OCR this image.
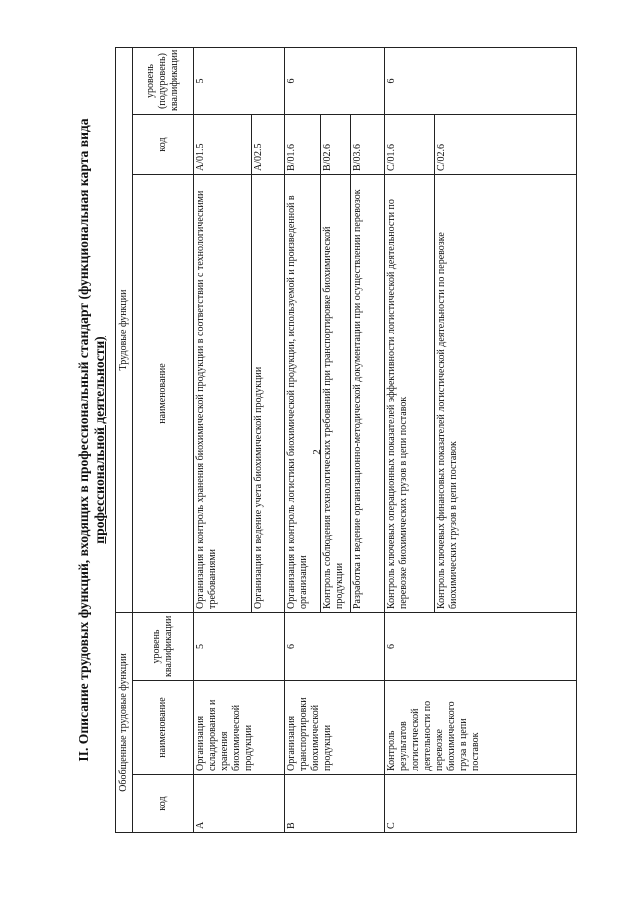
2
II. Описание трудовых функций, входящих в профессиональный стандарт (функциональная карта вида профессиональной деятельности)
Обобщенные трудовые функции			Трудовые функции		
код	наименование	уровень квалификации	наименование	код	уровень (подуровень) квалификации
A	Организация складирования и хранения биохимической продукции	5	Организация и контроль хранения биохимической продукции в соответствии с технологическими требованиями	A/01.5	5
			Организация и ведение учета биохимической продукции	A/02.5	
B	Организация транспортировки биохимической продукции	6	Организация и контроль логистики биохимической продукции, используемой и произведенной в организации	B/01.6	6
			Контроль соблюдения технологических требований при транспортировке биохимической продукции	B/02.6	
			Разработка и ведение организационно-методической документации при осуществлении перевозок	B/03.6	
C	Контроль результатов логистической деятельности по перевозке биохимического груза в цепи поставок	6	Контроль ключевых операционных показателей эффективности логистической деятельности по перевозке биохимических грузов в цепи поставок	C/01.6	6
			Контроль ключевых финансовых показателей логистической деятельности по перевозке биохимических грузов в цепи поставок	C/02.6	
